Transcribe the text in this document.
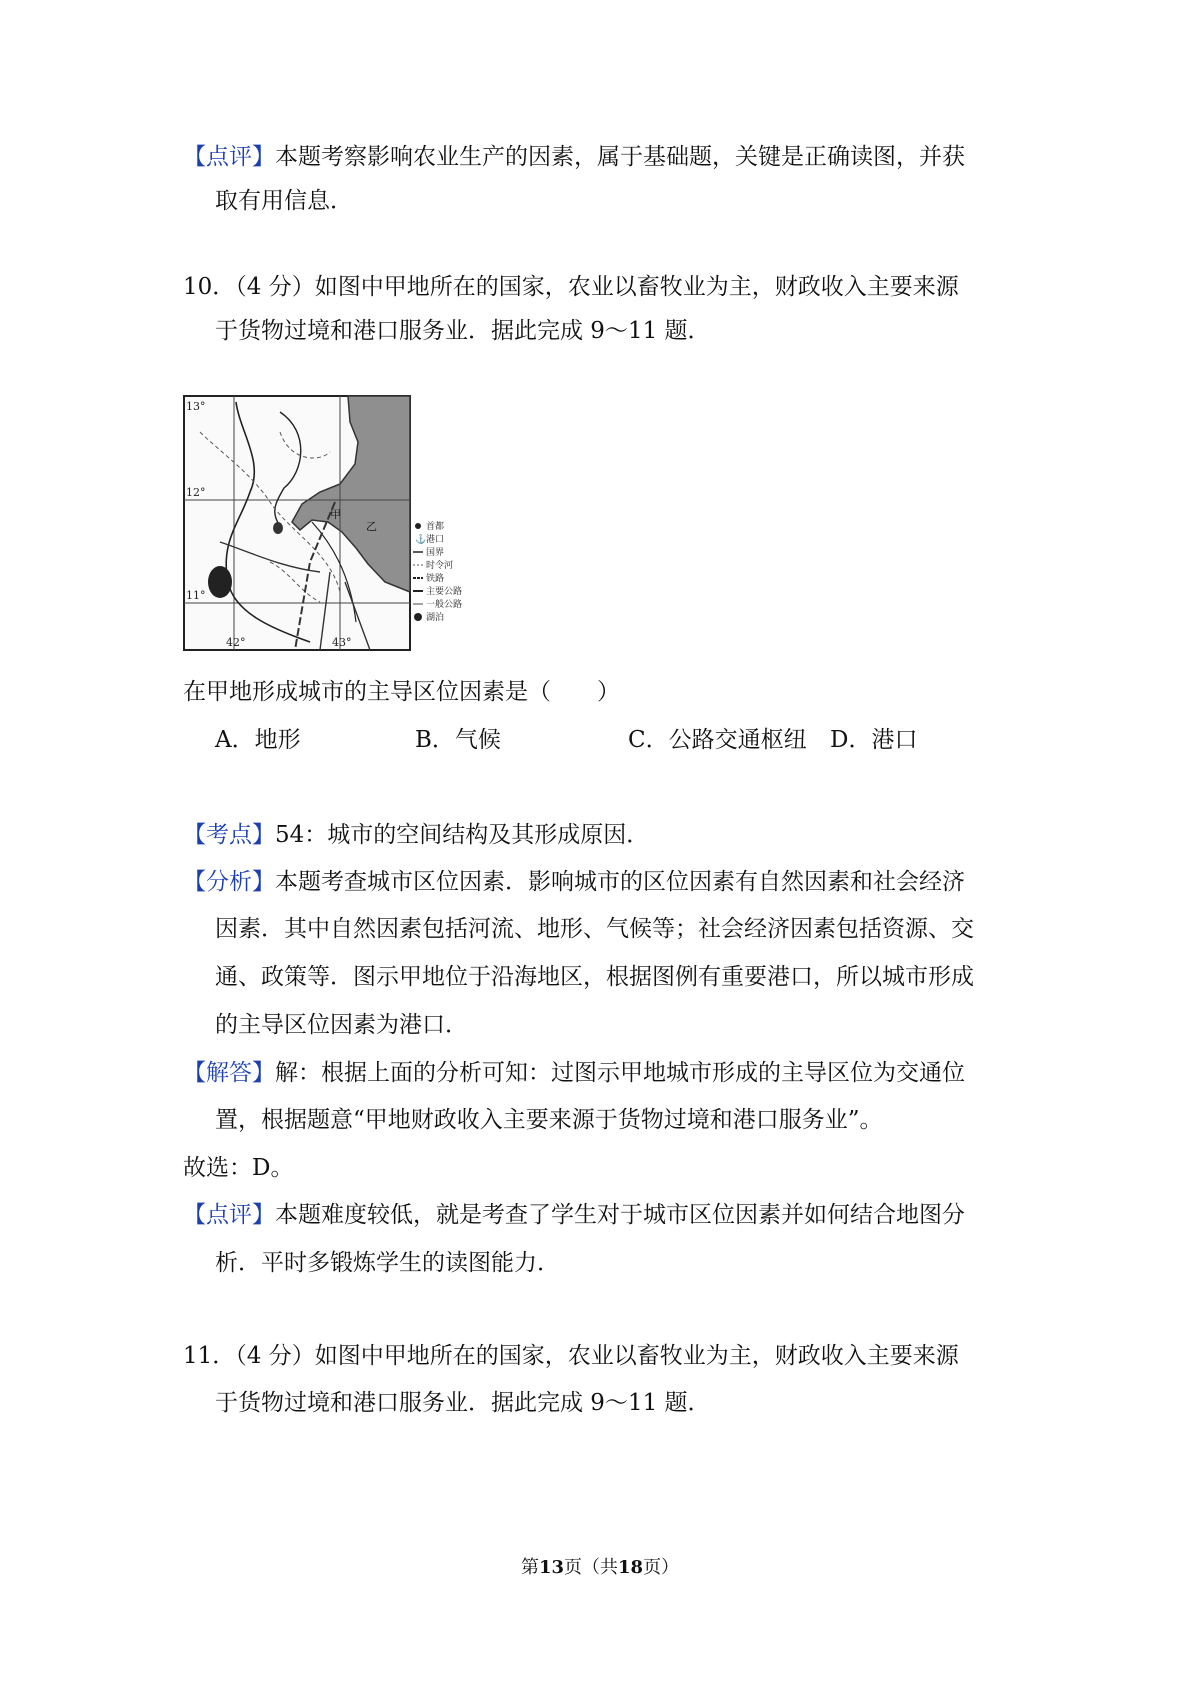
【点评】本题考察影响农业生产的因素，属于基础题，关键是正确读图，并获
取有用信息．
10．（4 分）如图中甲地所在的国家，农业以畜牧业为主，财政收入主要来源
于货物过境和港口服务业．据此完成 9～11 题．
13°
12°
11°
42°	43°
甲
乙	首都
⚓ 港口
国界
时令河
铁路
主要公路
一般公路
湖泊
在甲地形成城市的主导区位因素是（　　）
A．地形	B．气候	C．公路交通枢纽 D．港口
【考点】54：城市的空间结构及其形成原因．
【分析】本题考查城市区位因素．影响城市的区位因素有自然因素和社会经济
因素．其中自然因素包括河流、地形、气候等；社会经济因素包括资源、交
通、政策等．图示甲地位于沿海地区，根据图例有重要港口，所以城市形成
的主导区位因素为港口．
【解答】解：根据上面的分析可知：过图示甲地城市形成的主导区位为交通位
置，根据题意“甲地财政收入主要来源于货物过境和港口服务业”。
故选：D。
【点评】本题难度较低，就是考查了学生对于城市区位因素并如何结合地图分
析．平时多锻炼学生的读图能力．
11．（4 分）如图中甲地所在的国家，农业以畜牧业为主，财政收入主要来源
于货物过境和港口服务业．据此完成 9～11 题．
第13页（共18页）
